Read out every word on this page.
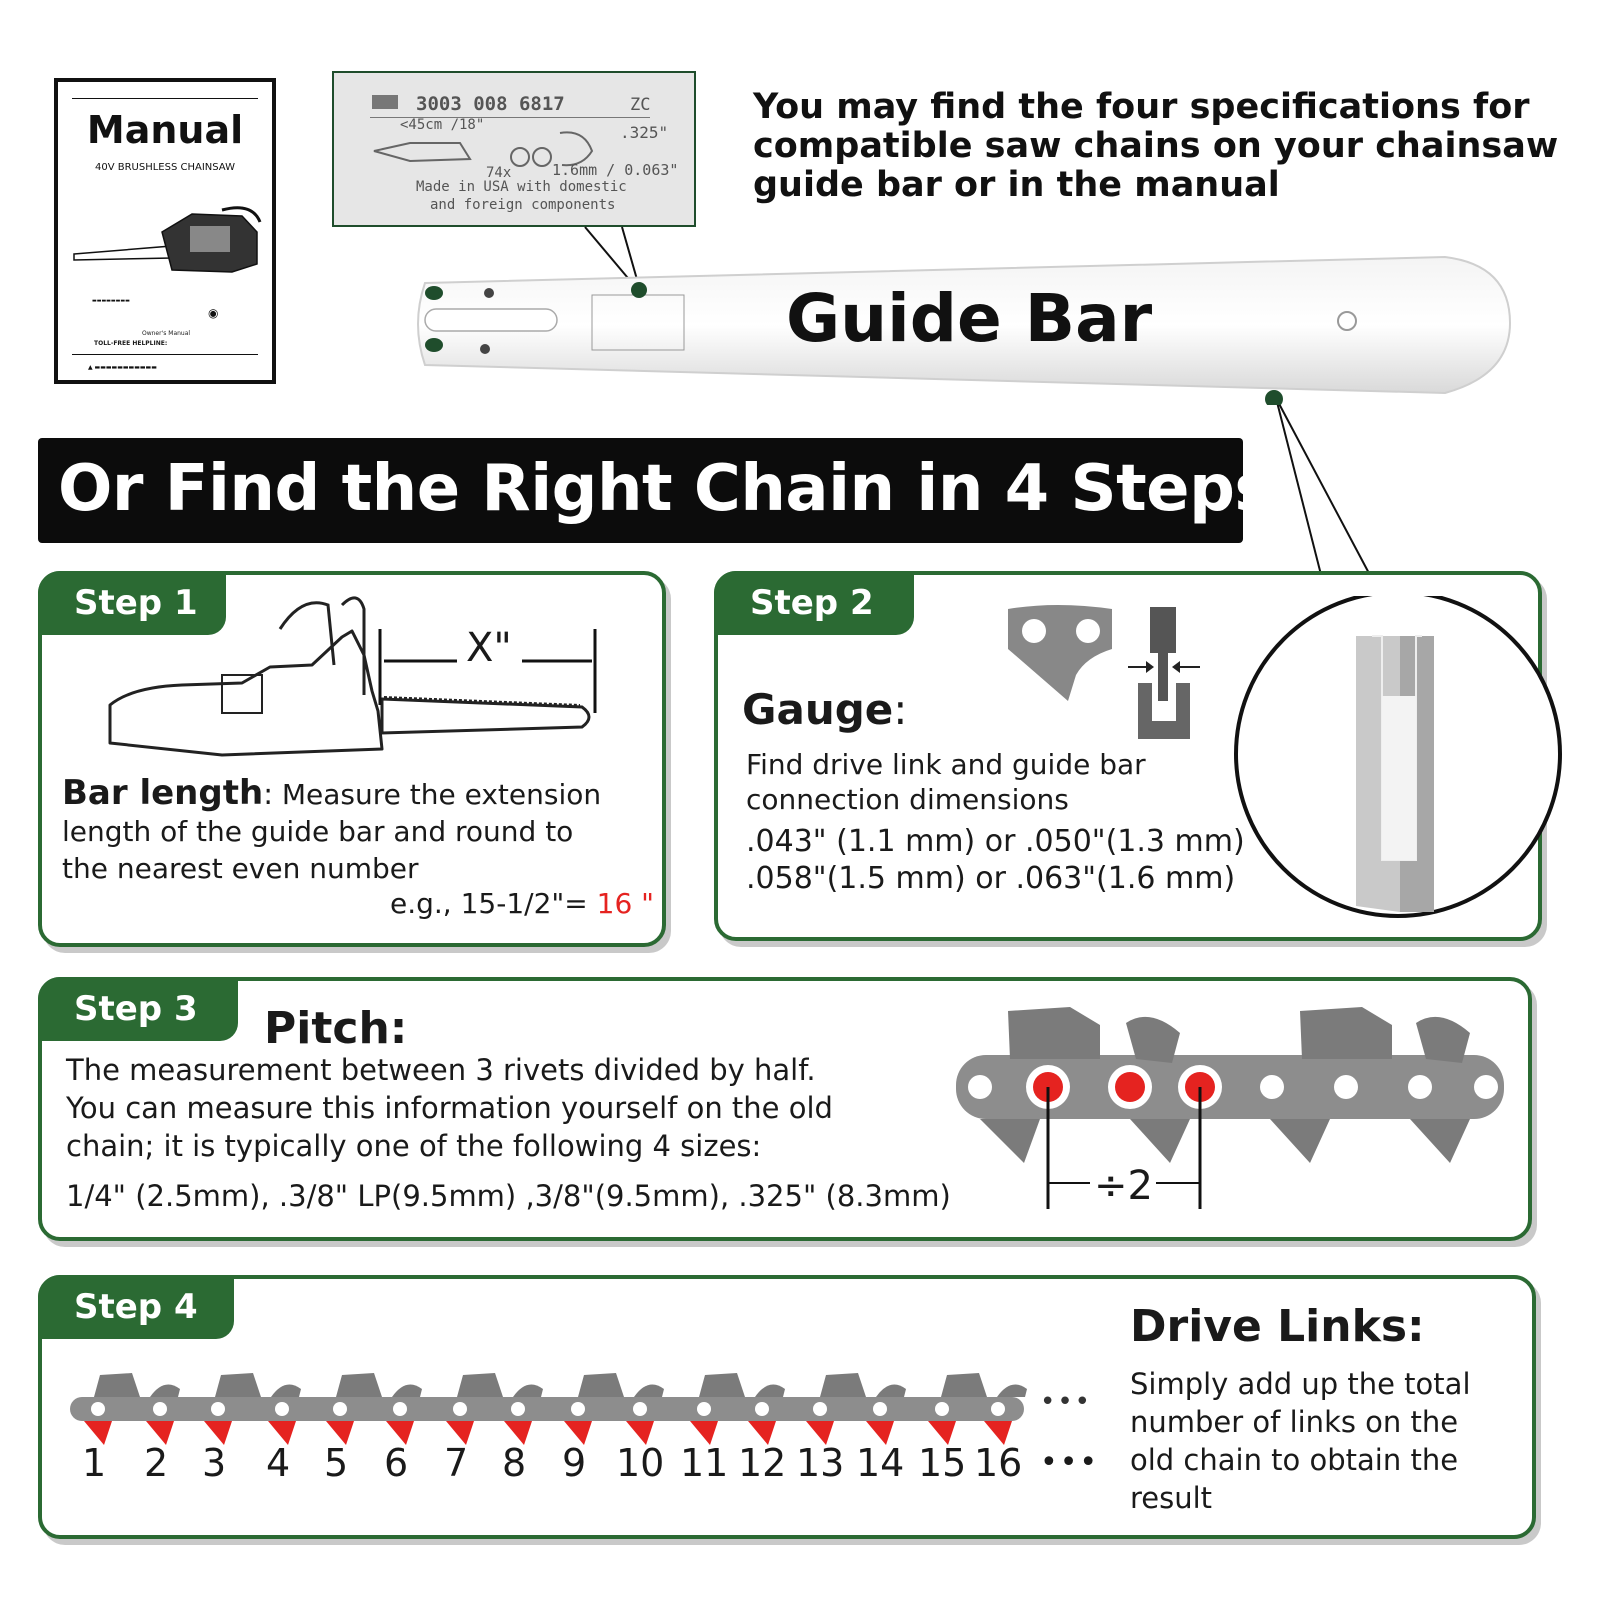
Manual
40V BRUSHLESS CHAINSAW
▬▬▬▬▬▬▬▬
◉
Owner's Manual
TOLL-FREE HELPLINE:
▲ ▬▬▬▬▬▬▬▬▬▬▬
3003 008 6817	ZC
<45cm /18"	.325"
74x	1.6mm / 0.063"
Made in USA with domestic
and foreign components
You may find the four specifications for compatible saw chains on your chainsaw guide bar or in the manual
Guide Bar
Or Find the Right Chain in 4 Steps
Step 1
X"
Bar length: Measure the extension
length of the guide bar and round to
the nearest even number
e.g., 15-1/2"= 16 "
Step 2
Gauge:
Find drive link and guide bar
connection dimensions
.043" (1.1 mm) or .050"(1.3 mm)
.058"(1.5 mm) or .063"(1.6 mm)
Step 3	Pitch:
The measurement between 3 rivets divided by half.
You can measure this information yourself on the old
chain; it is typically one of the following 4 sizes:
1/4" (2.5mm), .3/8" LP(9.5mm) ,3/8"(9.5mm), .325" (8.3mm)	÷2
Step 4
1 2 3 4 5 6 7 8 9 10 11 12 13 14 15 16
•••
•••
Drive Links:
Simply add up the total
number of links on the
old chain to obtain the
result
